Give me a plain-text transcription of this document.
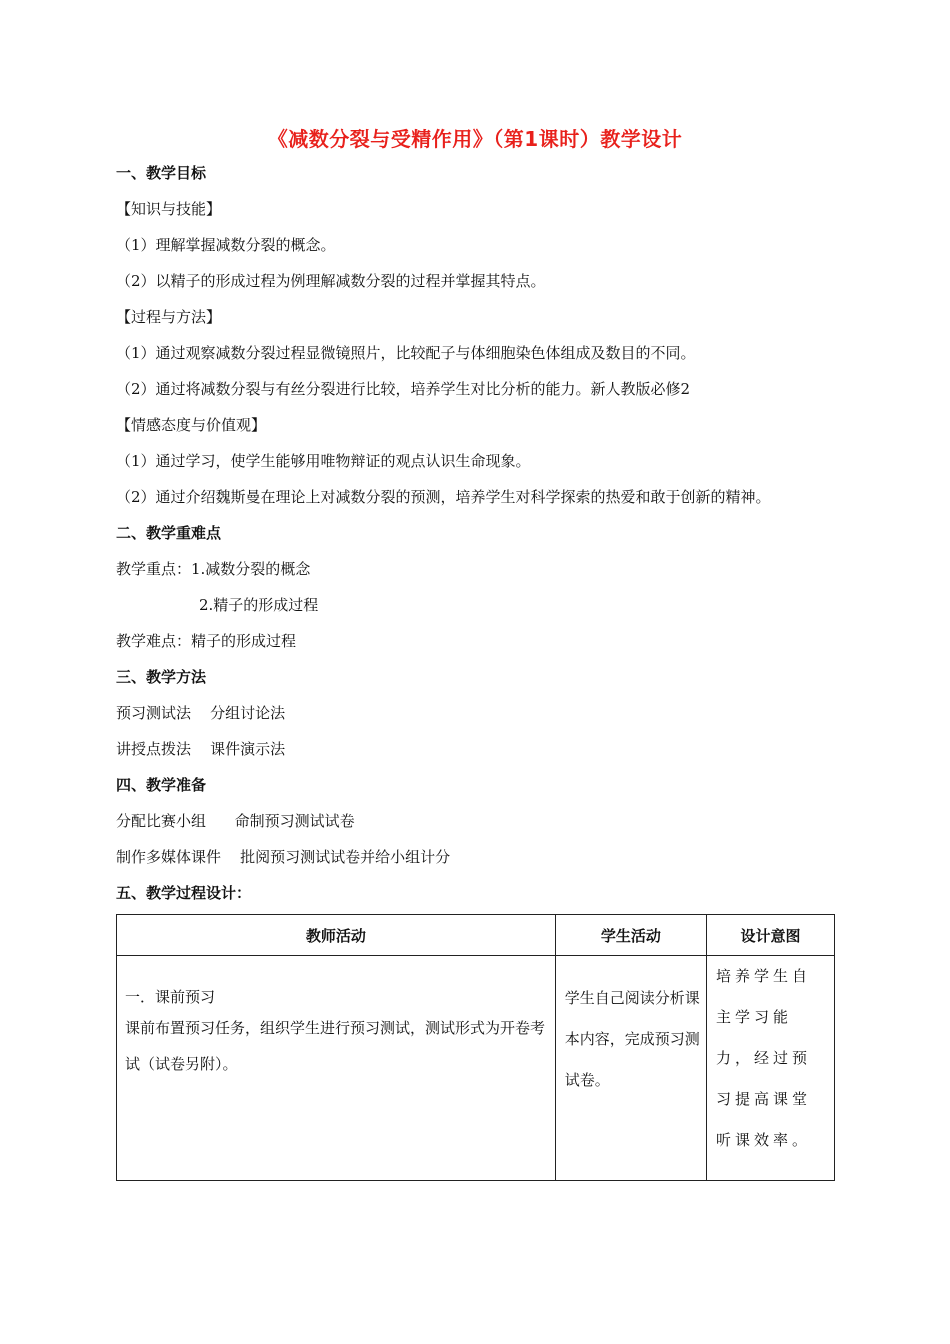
《减数分裂与受精作用》（第1课时）教学设计
一、教学目标
【知识与技能】
（1）理解掌握减数分裂的概念。
（2）以精子的形成过程为例理解减数分裂的过程并掌握其特点。
【过程与方法】
（1）通过观察减数分裂过程显微镜照片，比较配子与体细胞染色体组成及数目的不同。
（2）通过将减数分裂与有丝分裂进行比较，培养学生对比分析的能力。新人教版必修2
【情感态度与价值观】
（1）通过学习，使学生能够用唯物辩证的观点认识生命现象。
（2）通过介绍魏斯曼在理论上对减数分裂的预测，培养学生对科学探索的热爱和敢于创新的精神。
二、教学重难点
教学重点：1.减数分裂的概念
2.精子的形成过程
教学难点：精子的形成过程
三、教学方法
预习测试法    分组讨论法
讲授点拨法    课件演示法
四、教学准备
分配比赛小组      命制预习测试试卷
制作多媒体课件    批阅预习测试试卷并给小组计分
五、教学过程设计：
教师活动	学生活动	设计意图

一．课前预习
课前布置预习任务，组织学生进行预习测试，测试形式为开卷考试（试卷另附）。	学生自己阅读分析课本内容，完成预习测试卷。	培养学生自主学习能力，经过预习提高课堂听课效率。
